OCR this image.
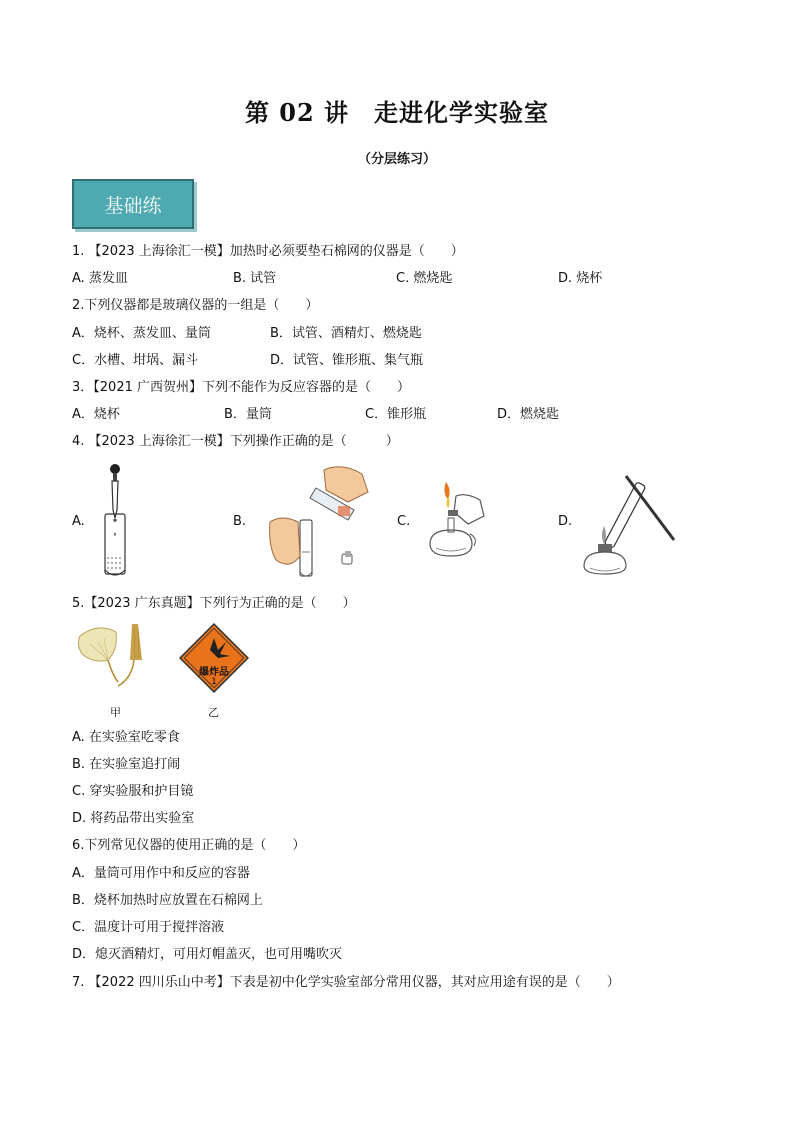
第 02 讲　走进化学实验室
（分层练习）
基础练
1. 【2023 上海徐汇一模】加热时必须要垫石棉网的仪器是（　　）
A. 蒸发皿	B. 试管	C. 燃烧匙	D. 烧杯
2.下列仪器都是玻璃仪器的一组是（　　）
A．烧杯、蒸发皿、量筒	B．试管、酒精灯、燃烧匙
C．水槽、坩埚、漏斗	D．试管、锥形瓶、集气瓶
3．【2021 广西贺州】下列不能作为反应容器的是（　　）
A．烧杯	B．量筒	C．锥形瓶	D．燃烧匙
4. 【2023 上海徐汇一模】下列操作正确的是（　　　）
A.	B.	C.	D.
5.【2023 广东真题】下列行为正确的是（　　）
爆炸品
1
甲	乙
A. 在实验室吃零食
B. 在实验室追打闹
C. 穿实验服和护目镜
D. 将药品带出实验室
6.下列常见仪器的使用正确的是（　　）
A．量筒可用作中和反应的容器
B．烧杯加热时应放置在石棉网上
C．温度计可用于搅拌溶液
D．熄灭酒精灯，可用灯帽盖灭，也可用嘴吹灭
7. 【2022 四川乐山中考】下表是初中化学实验室部分常用仪器，其对应用途有误的是（　　）
